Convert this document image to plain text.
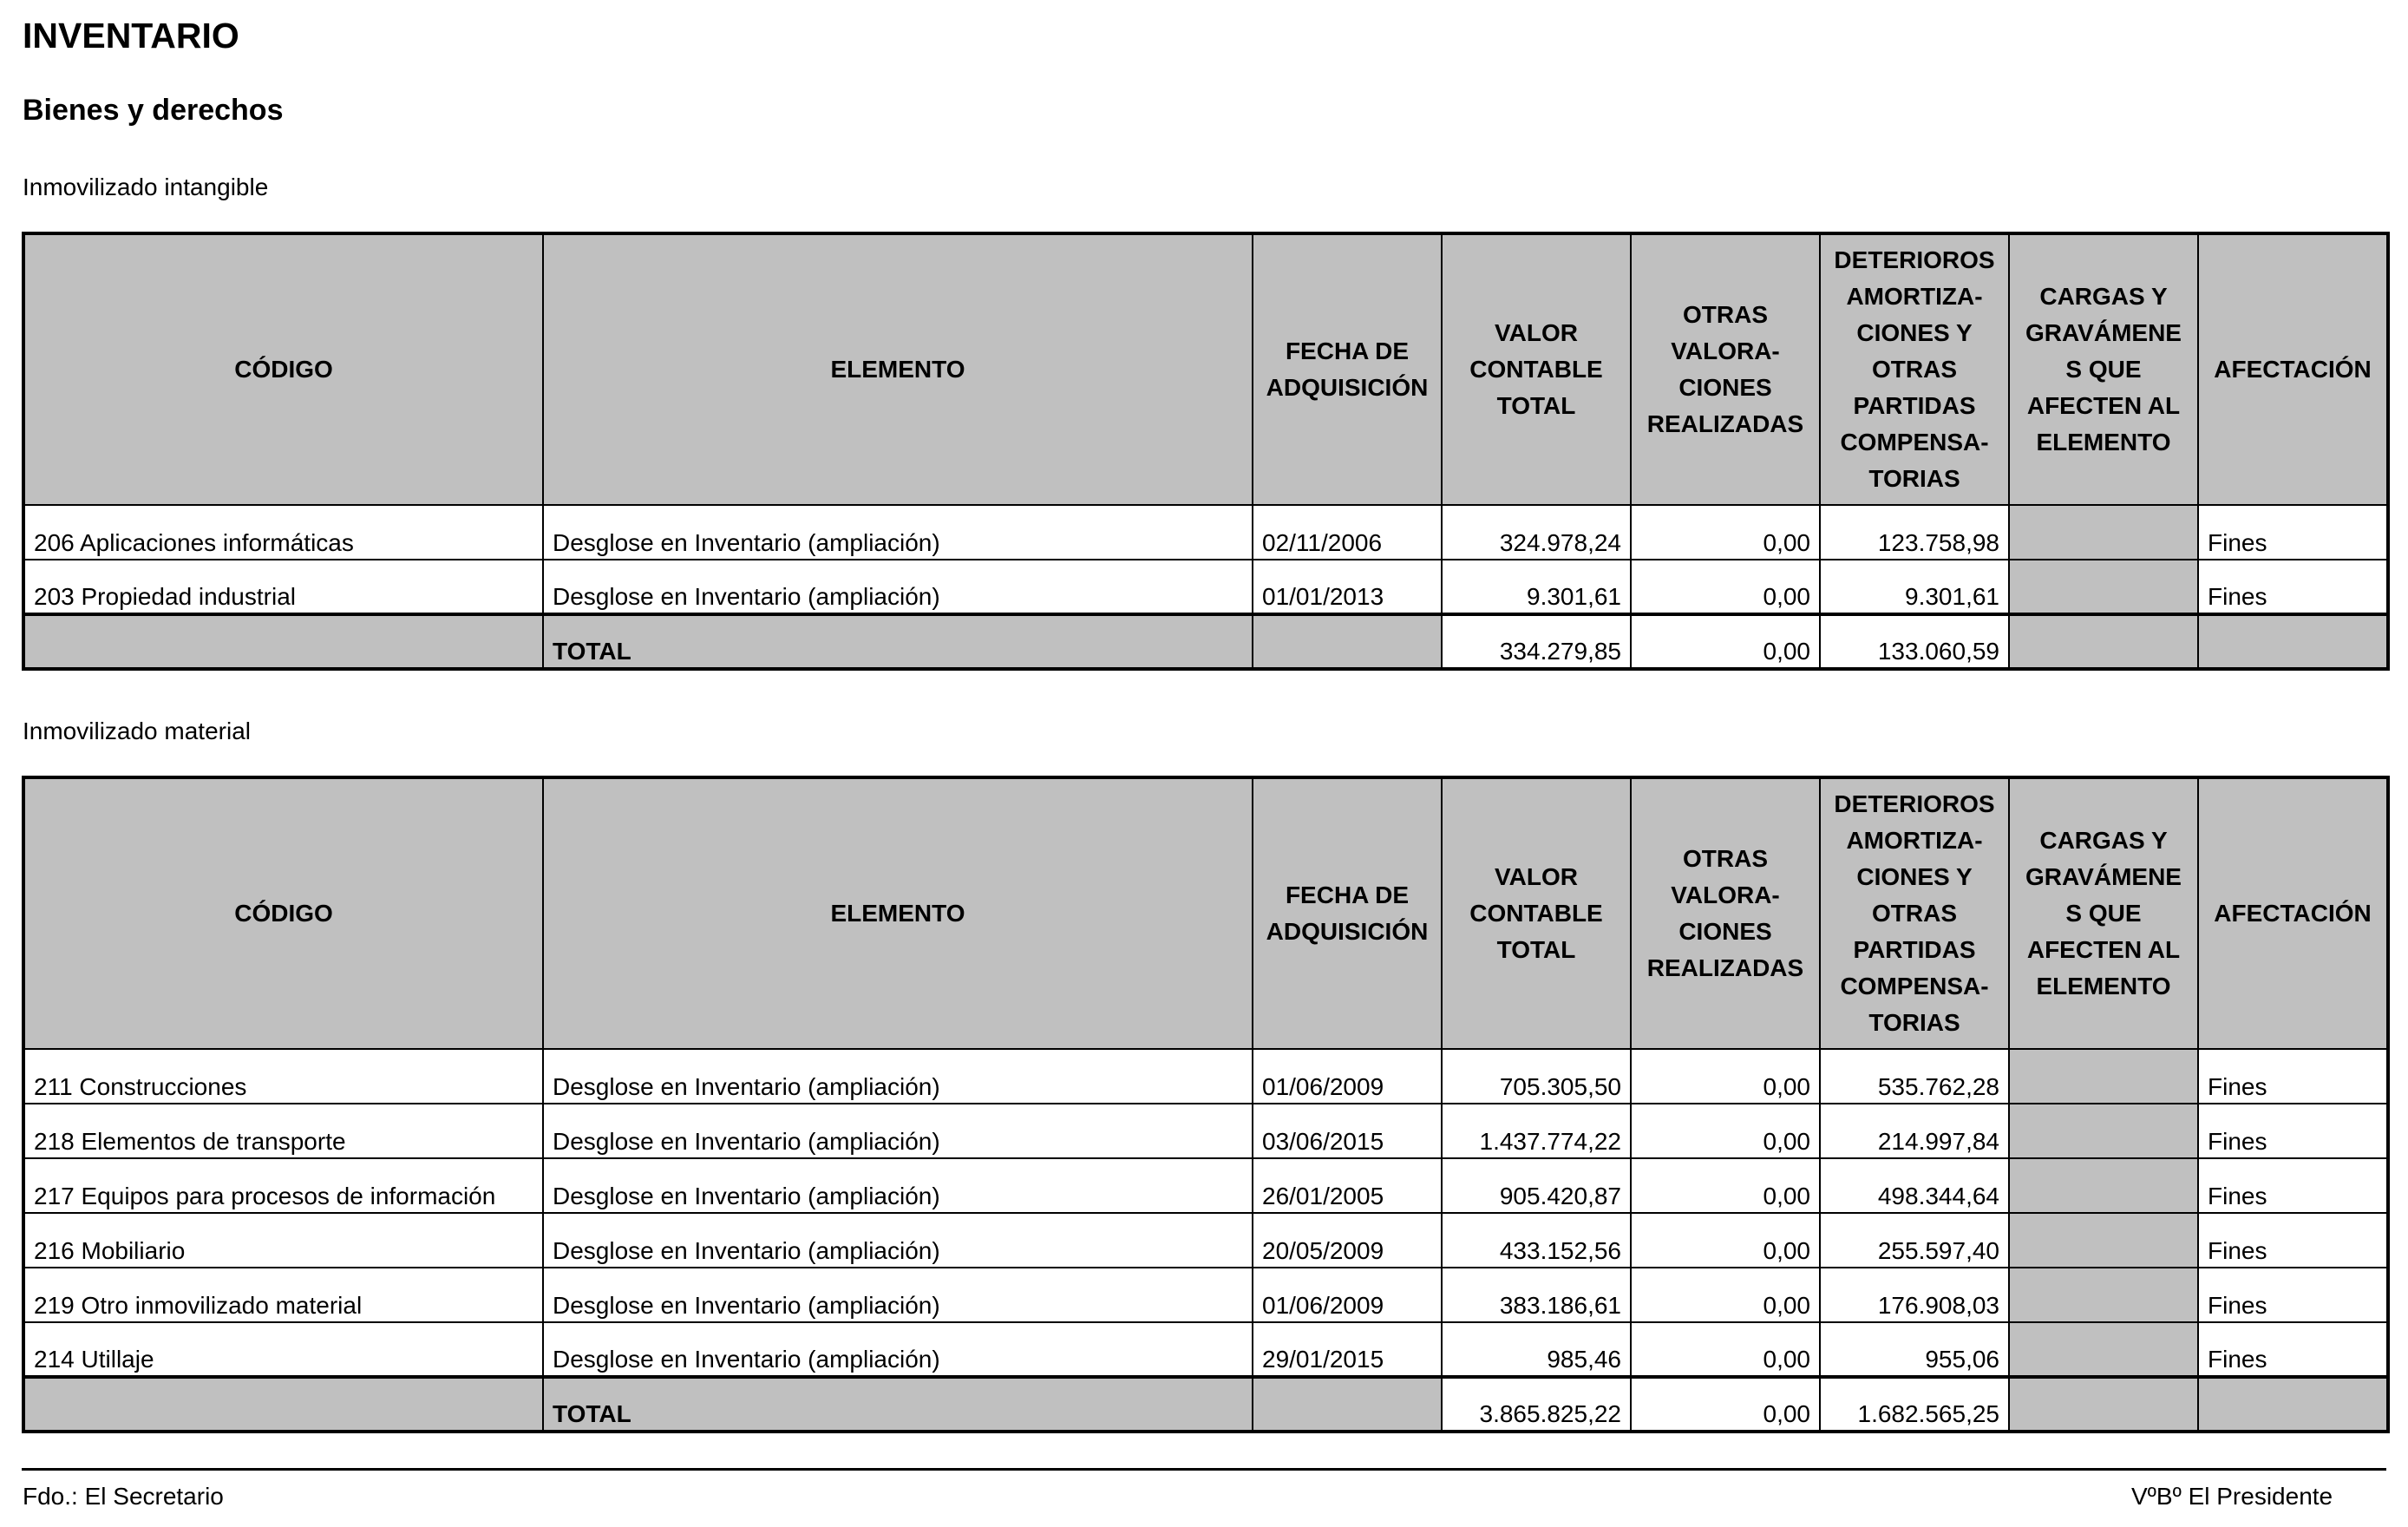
INVENTARIO
Bienes y derechos

Inmovilizado intangible

CÓDIGO	ELEMENTO	FECHA DE ADQUISICIÓN	VALOR CONTABLE TOTAL	OTRAS VALORA-CIONES REALIZADAS	DETERIOROS AMORTIZA-CIONES Y OTRAS PARTIDAS COMPENSA-TORIAS	CARGAS Y GRAVÁMENE S QUE AFECTEN AL ELEMENTO	AFECTACIÓN
206 Aplicaciones informáticas	Desglose en Inventario (ampliación)	02/11/2006	324.978,24	0,00	123.758,98		Fines
203 Propiedad industrial	Desglose en Inventario (ampliación)	01/01/2013	9.301,61	0,00	9.301,61		Fines
	TOTAL		334.279,85	0,00	133.060,59		

Inmovilizado material

CÓDIGO	ELEMENTO	FECHA DE ADQUISICIÓN	VALOR CONTABLE TOTAL	OTRAS VALORA-CIONES REALIZADAS	DETERIOROS AMORTIZA-CIONES Y OTRAS PARTIDAS COMPENSA-TORIAS	CARGAS Y GRAVÁMENE S QUE AFECTEN AL ELEMENTO	AFECTACIÓN
211 Construcciones	Desglose en Inventario (ampliación)	01/06/2009	705.305,50	0,00	535.762,28		Fines
218 Elementos de transporte	Desglose en Inventario (ampliación)	03/06/2015	1.437.774,22	0,00	214.997,84		Fines
217 Equipos para procesos de información	Desglose en Inventario (ampliación)	26/01/2005	905.420,87	0,00	498.344,64		Fines
216 Mobiliario	Desglose en Inventario (ampliación)	20/05/2009	433.152,56	0,00	255.597,40		Fines
219 Otro inmovilizado material	Desglose en Inventario (ampliación)	01/06/2009	383.186,61	0,00	176.908,03		Fines
214 Utillaje	Desglose en Inventario (ampliación)	29/01/2015	985,46	0,00	955,06		Fines
	TOTAL		3.865.825,22	0,00	1.682.565,25		
Fdo.: El Secretario	VºBº El Presidente
